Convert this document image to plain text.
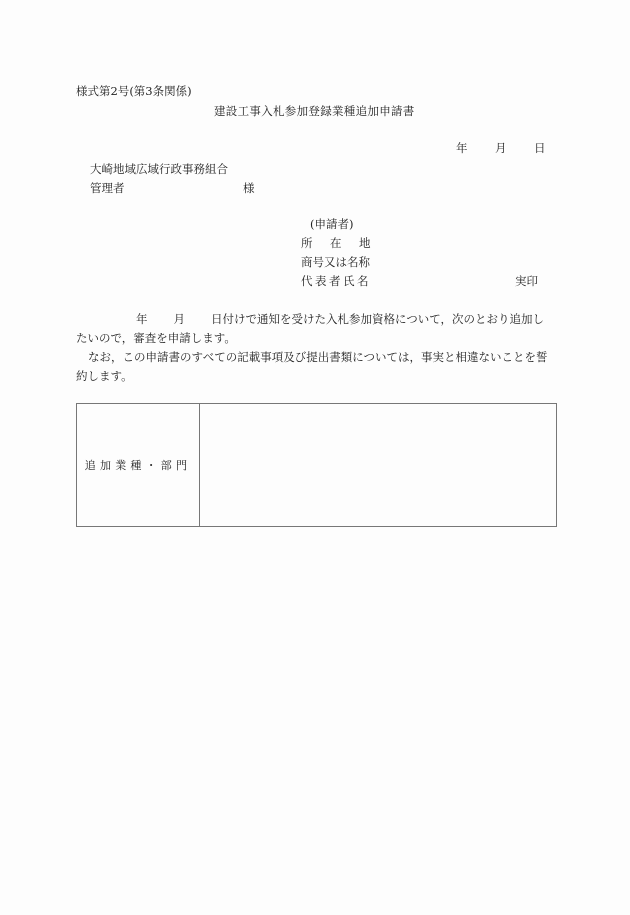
様式第2号(第3条関係)
建設工事入札参加登録業種追加申請書
年 月 日
大崎地域広域行政事務組合
管理者	様
(申請者)
所 在 地
商号又は名称
代 表 者 氏 名	実印

年 月 日付けで通知を受けた入札参加資格について，次のとおり追加したいので，審査を申請します。

なお，この申請書のすべての記載事項及び提出書類については，事実と相違ないことを誓約します。

追加業種・部門	
